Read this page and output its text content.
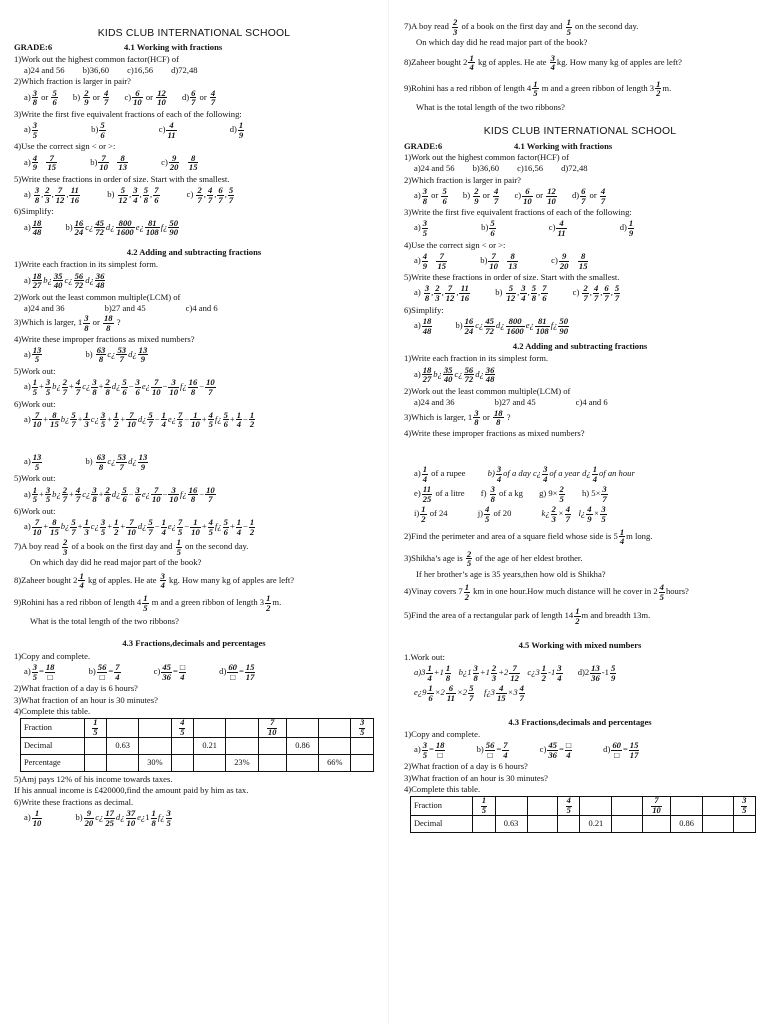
KIDS CLUB INTERNATIONAL SCHOOL
GRADE:6	4.1 Working with fractions
1)Work out the highest common factor(HCF) of
a)24 and 56 b)36,60 c)16,56 d)72,48
2)Which fraction is larger in pair?
$a) \frac{3}{8}$ or $\frac{5}{6} b) \frac{2}{9}$ or $\frac{4}{7} c) \frac{6}{10}$ or $\frac{12}{10} d) \frac{6}{7}$ or $\frac{4}{7}$
3)Write the first five equivalent fractions of each of the following:
$a) \frac{3}{5}$	$b) \frac{5}{6}$	$c) \frac{4}{11}$	$d) \frac{1}{9}$
4)Use the correct sign < or >:
$a) \frac{4}{9}$
$\frac{7}{15}$	$b) \frac{7}{10}$
$\frac{8}{13}$	$c) \frac{9}{20}$
$\frac{8}{15}$
5)Write these fractions in order of size. Start with the smallest.
$a) \frac{3}{8}$ , $\frac{2}{3}$ , $\frac{7}{12}$ , $\frac{11}{16}$	$b) \frac{5}{12}$ , $\frac{3}{4}$ , $\frac{5}{8}$ , $\frac{7}{6}$	$c) \frac{2}{7}$ , $\frac{4}{7}$ , $\frac{6}{7}$ , $\frac{5}{7}$
6)Simplify:
$a) \frac{18}{48}$	$b) \frac{16}{24}$ c¿ $\frac{45}{72}$ d¿ $\frac{800}{1600}$ e¿ $\frac{81}{108}$ f¿ $\frac{50}{90}$
4.2 Adding and subtracting fractions
1)Write each fraction in its simplest form.
$a) \frac{18}{27}$ b¿ $\frac{35}{40}$ c¿ $\frac{56}{72}$ d¿ $\frac{36}{48}$
2)Work out the least common multiple(LCM) of
a)24 and 36	b)27 and 45	c)4 and 6
3)Which is larger, $1 \frac{3}{8}$ or $\frac{18}{8}$ ?
4)Write these improper fractions as mixed numbers?
$a) \frac{13}{5}$	$b) \frac{63}{8}$ c¿ $\frac{53}{7}$ d¿ $\frac{13}{9}$
5)Work out:
$a) \frac{1}{5} + \frac{3}{5}$ b¿ $\frac{2}{7} + \frac{4}{7}$ c¿ $\frac{3}{8} + \frac{2}{8}$ d¿ $\frac{5}{6} - \frac{3}{6}$ e¿ $\frac{7}{10} - \frac{3}{10}$ f¿ $\frac{16}{8} - \frac{10}{7}$
6)Work out:
$a) \frac{7}{10} + \frac{8}{15}$ b¿ $\frac{5}{7} + \frac{1}{3}$ c¿ $\frac{3}{5} + \frac{1}{2} + \frac{7}{10}$ d¿ $\frac{5}{7} - \frac{1}{4}$ e¿ $\frac{7}{5} - \frac{1}{10} + \frac{4}{5}$ f¿ $\frac{5}{6} + \frac{1}{4} - \frac{1}{2}$
$a) \frac{13}{5}$	$b) \frac{63}{8}$ c¿ $\frac{53}{7}$ d¿ $\frac{13}{9}$
5)Work out:
$a) \frac{1}{5} + \frac{3}{5}$ b¿ $\frac{2}{7} + \frac{4}{7}$ c¿ $\frac{3}{8} + \frac{2}{8}$ d¿ $\frac{5}{6} - \frac{3}{6}$ e¿ $\frac{7}{10} - \frac{3}{10}$ f¿ $\frac{16}{8} - \frac{10}{7}$
6)Work out:
$a) \frac{7}{10} + \frac{8}{15}$ b¿ $\frac{5}{7} + \frac{1}{3}$ c¿ $\frac{3}{5} + \frac{1}{2} + \frac{7}{10}$ d¿ $\frac{5}{7} - \frac{1}{4}$ e¿ $\frac{7}{5} - \frac{1}{10} + \frac{4}{5}$ f¿ $\frac{5}{6} + \frac{1}{4} - \frac{1}{2}$
7)A boy read $\frac{2}{3}$ of a book on the first day and $\frac{1}{5}$ on the second day.
On which day did he read major part of the book?
8)Zaheer bought $2 \frac{1}{4}$ kg of apples. He ate $\frac{3}{4}$ kg. How many kg of apples are left?
9)Rohini has a red ribbon of length $4 \frac{1}{5}$ m and a green ribbon of length $3 \frac{1}{2} m$.
What is the total length of the two ribbons?
4.3 Fractions,decimals and percentages
1)Copy and complete.
$a) \frac{3}{5} = 18$
□
b) 56
□
= $\frac{7}{4}$	$c) \frac{45}{36}$ = □
4
d) 60
□
= $\frac{15}{17}$
2)What fraction of a day is 6 hours?
3)What fraction of an hour is 30 minutes?
4)Complete this table.
Fraction	$\frac{1}{5}$			$\frac{4}{5}$			$\frac{7}{10}$			$\frac{3}{5}$

Decimal		0.63			0.21			0.86		
Percentage			30%			23%			66%	
5)Amj pays 12% of his income towards taxes.
If his annual income is £420000,find the amount paid by him as tax.
6)Write these fractions as decimal.
$a) \frac{1}{10}$	$b) \frac{9}{20}$ c¿ $\frac{17}{25}$ d¿ $\frac{37}{10}$ e¿1 $\frac{1}{8}$ f¿ $\frac{3}{5}$
7)A boy read $\frac{2}{3}$ of a book on the first day and $\frac{1}{5}$ on the second day.
On which day did he read major part of the book?
8)Zaheer bought $2 \frac{1}{4}$ kg of apples. He ate $\frac{3}{4}$ kg. How many kg of apples are left?
9)Rohini has a red ribbon of length $4 \frac{1}{5}$ m and a green ribbon of length $3 \frac{1}{2} m$.
What is the total length of the two ribbons?
KIDS CLUB INTERNATIONAL SCHOOL
GRADE:6	4.1 Working with fractions
1)Work out the highest common factor(HCF) of
a)24 and 56 b)36,60 c)16,56 d)72,48
2)Which fraction is larger in pair?
$a) \frac{3}{8}$ or $\frac{5}{6} b) \frac{2}{9}$ or $\frac{4}{7} c) \frac{6}{10}$ or $\frac{12}{10} d) \frac{6}{7}$ or $\frac{4}{7}$
3)Write the first five equivalent fractions of each of the following:
$a) \frac{3}{5}$	$b) \frac{5}{6}$	$c) \frac{4}{11}$	$d) \frac{1}{9}$
4)Use the correct sign < or >:
$a) \frac{4}{9}$
$\frac{7}{15}$	$b) \frac{7}{10}$
$\frac{8}{13}$	$c) \frac{9}{20}$
$\frac{8}{15}$
5)Write these fractions in order of size. Start with the smallest.
$a) \frac{3}{8}$ , $\frac{2}{3}$ , $\frac{7}{12}$ , $\frac{11}{16}$	$b) \frac{5}{12}$ , $\frac{3}{4}$ , $\frac{5}{8}$ , $\frac{7}{6}$	$c) \frac{2}{7}$ , $\frac{4}{7}$ , $\frac{6}{7}$ , $\frac{5}{7}$
6)Simplify:
$a) \frac{18}{48}$	$b) \frac{16}{24}$ c¿ $\frac{45}{72}$ d¿ $\frac{800}{1600}$ e¿ $\frac{81}{108}$ f¿ $\frac{50}{90}$
4.2 Adding and subtracting fractions
1)Write each fraction in its simplest form.
$a) \frac{18}{27}$ b¿ $\frac{35}{40}$ c¿ $\frac{56}{72}$ d¿ $\frac{36}{48}$
2)Work out the least common multiple(LCM) of
a)24 and 36	b)27 and 45	c)4 and 6
3)Which is larger, $1 \frac{3}{8}$ or $\frac{18}{8}$ ?
4)Write these improper fractions as mixed numbers?
$a) \frac{1}{4}$ of a rupee	$b) \frac{3}{4}$ of a day c¿ $\frac{3}{4}$ of a year d¿ $\frac{1}{4}$ of an hour
$e) \frac{11}{25}$ of a litre $f) \frac{3}{8}$ of a kg g) $9\times \frac{2}{5} h$) $5\times \frac{3}{7}$
$i) \frac{1}{2}$ of 24	$j) \frac{4}{5}$ of 20	k¿ $\frac{2}{3} \times \frac{4}{7}$ l¿ $\frac{4}{9} \times \frac{3}{5}$
2)Find the perimeter and area of a square field whose side is $5 \frac{1}{4}$ m long.
3)Shikha’s age is $\frac{2}{5}$ of the age of her eldest brother.
If her brother’s age is 35 years,then how old is Shikha?
4)Vinay covers $7 \frac{1}{2}$ km in one hour.How much distance will he cover in $2 \frac{4}{5}$ hours?
5)Find the area of a rectangular park of length $14 \frac{1}{2}$ m and breadth 13m.
4.5 Working with mixed numbers
1.Work out:
$a)3 \frac{1}{4} +1 \frac{1}{8}$ b¿1 $\frac{3}{8} +1 \frac{2}{3} +2 \frac{7}{12}$ c¿3 $\frac{1}{2} -1 \frac{3}{4} d)2 \frac{13}{36} -1 \frac{5}{9}$
e¿9 $\frac{1}{6} \times 2 \frac{6}{11} \times 2 \frac{5}{7}$ f¿3 $\frac{4}{15} \times 3 \frac{4}{7}$
4.3 Fractions,decimals and percentages
1)Copy and complete.
$a) \frac{3}{5} = 18$
□
b) 56
□
= $\frac{7}{4}$	$c) \frac{45}{36}$ = □
4
d) 60
□
= $\frac{15}{17}$
2)What fraction of a day is 6 hours?
3)What fraction of an hour is 30 minutes?
4)Complete this table.
Fraction	$\frac{1}{5}$			$\frac{4}{5}$			$\frac{7}{10}$			$\frac{3}{5}$

Decimal		0.63			0.21			0.86		
